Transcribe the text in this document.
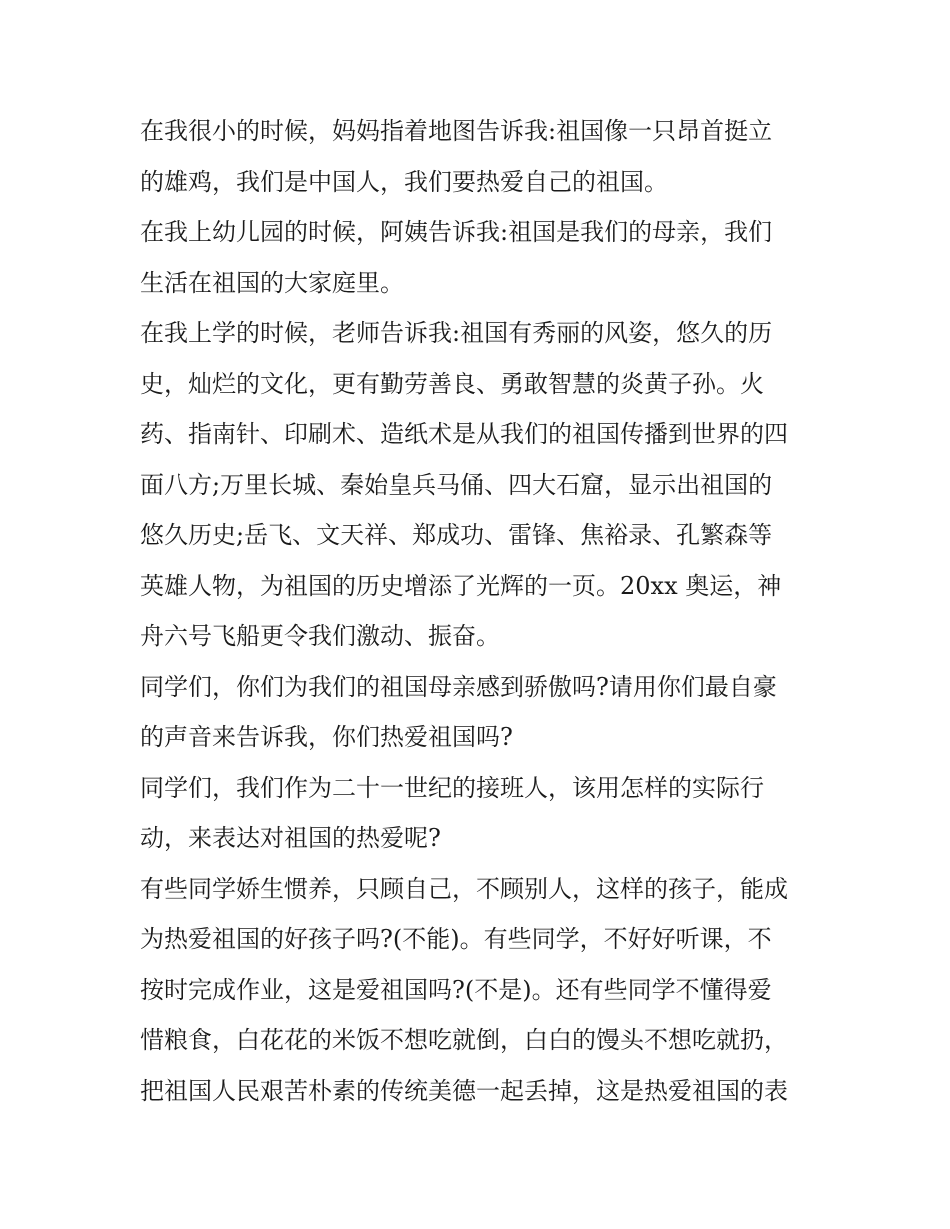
在我很小的时候，妈妈指着地图告诉我:祖国像一只昂首挺立
的雄鸡，我们是中国人，我们要热爱自己的祖国。
在我上幼儿园的时候，阿姨告诉我:祖国是我们的母亲，我们
生活在祖国的大家庭里。
在我上学的时候，老师告诉我:祖国有秀丽的风姿，悠久的历
史，灿烂的文化，更有勤劳善良、勇敢智慧的炎黄子孙。火
药、指南针、印刷术、造纸术是从我们的祖国传播到世界的四
面八方;万里长城、秦始皇兵马俑、四大石窟，显示出祖国的
悠久历史;岳飞、文天祥、郑成功、雷锋、焦裕录、孔繁森等
英雄人物，为祖国的历史增添了光辉的一页。20xx 奥运，神
舟六号飞船更令我们激动、振奋。
同学们，你们为我们的祖国母亲感到骄傲吗?请用你们最自豪
的声音来告诉我，你们热爱祖国吗?
同学们，我们作为二十一世纪的接班人，该用怎样的实际行
动，来表达对祖国的热爱呢?
有些同学娇生惯养，只顾自己，不顾别人，这样的孩子，能成
为热爱祖国的好孩子吗?(不能)。有些同学，不好好听课，不
按时完成作业，这是爱祖国吗?(不是)。还有些同学不懂得爱
惜粮食，白花花的米饭不想吃就倒，白白的馒头不想吃就扔，
把祖国人民艰苦朴素的传统美德一起丢掉，这是热爱祖国的表
